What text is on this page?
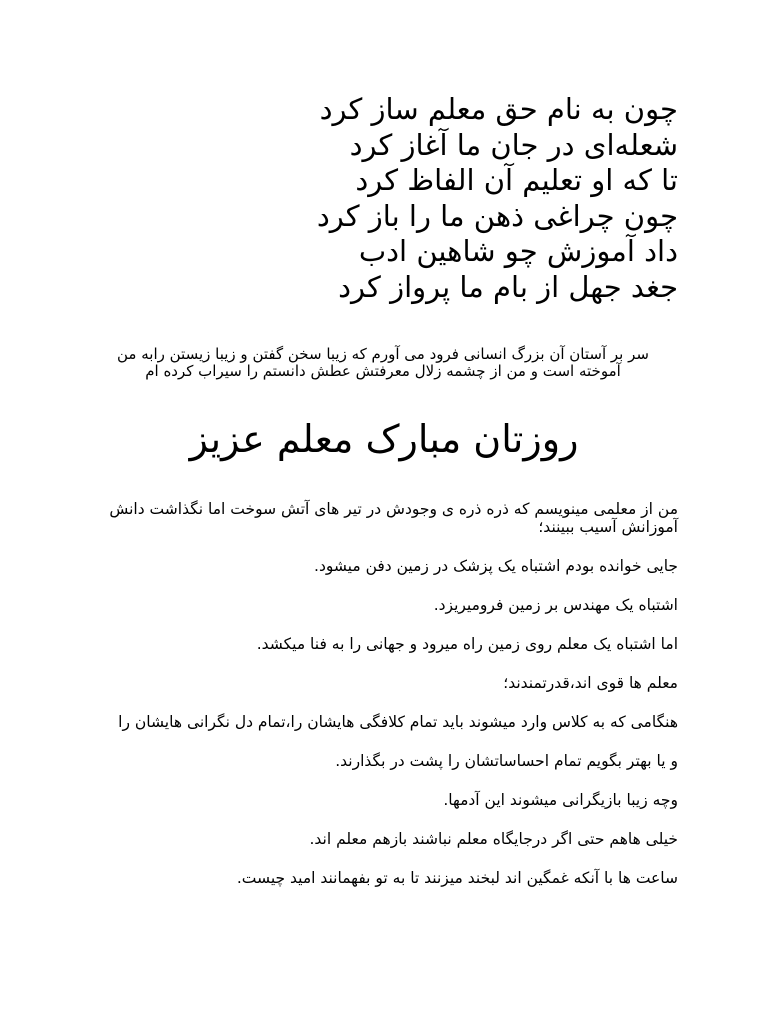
چون به نام حق معلم ساز کرد
شعله‌ای در جان ما آغاز کرد
تا که او تعلیم آن الفاظ کرد
چون چراغی ذهن ما را باز کرد
داد آموزش چو شاهین ادب
جغد جهل از بام ما پرواز کرد
سر بر آستان آن بزرگ انسانی فرود می آورم که زیبا سخن گفتن و زیبا زیستن رابه من آموخته است و من از چشمه زلال معرفتش عطش دانستم را سیراب کرده ام
روزتان مبارک معلم عزیز

من از معلمی مینویسم که ذره ذره ی وجودش در تیر های آتش سوخت اما نگذاشت دانش آموزانش آسیب ببینند؛

جایی خوانده بودم اشتباه یک پزشک در زمین دفن میشود.

اشتباه یک مهندس بر زمین فرومیریزد.

اما اشتباه یک معلم روی زمین راه میرود و جهانی را به فنا میکشد.

معلم ها قوی اند،قدرتمندند؛

هنگامی که به کلاس وارد میشوند باید تمام کلافگی هایشان را،تمام دل نگرانی هایشان را

و یا بهتر بگویم تمام احساساتشان را پشت در بگذارند.

وچه زیبا بازیگرانی میشوند این آدمها.

خیلی هاهم حتی اگر درجایگاه معلم نباشند بازهم معلم اند.

ساعت ها با آنکه غمگین اند لبخند میزنند تا به تو بفهمانند امید چیست.
